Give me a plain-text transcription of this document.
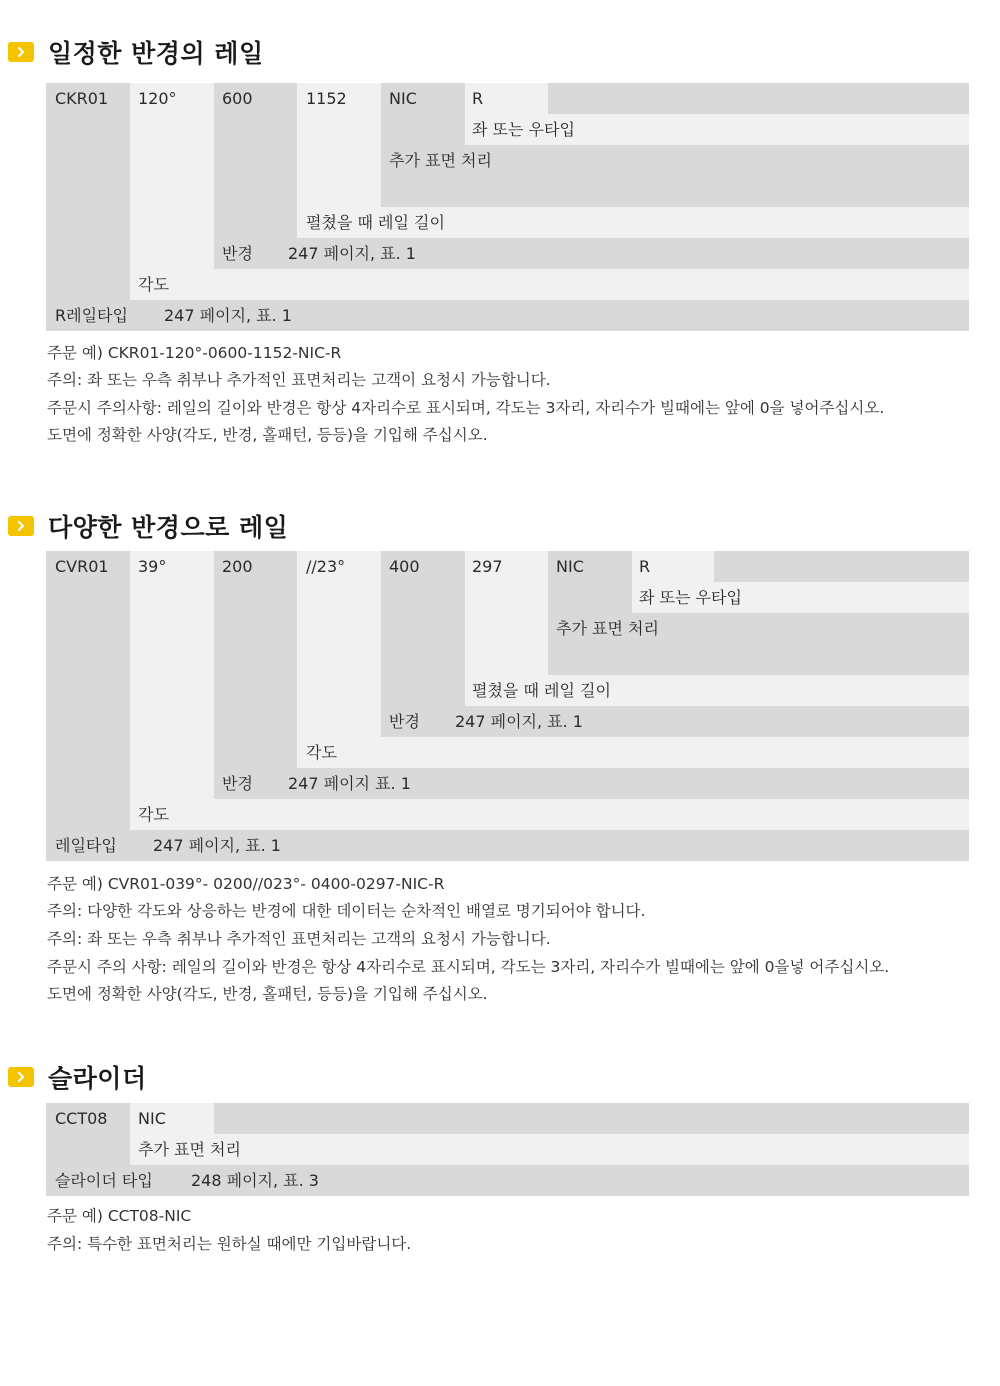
일정한 반경의 레일
CKR01 120°	600	1152	NIC	R
좌 또는 우타입
추가 표면 처리
펼쳤을 때 레일 길이
반경 247 페이지, 표. 1
각도
R레일타입 247 페이지, 표. 1
주문 예) CKR01-120°-0600-1152-NIC-R
주의: 좌 또는 우측 취부나 추가적인 표면처리는 고객이 요청시 가능합니다.
주문시 주의사항: 레일의 길이와 반경은 항상 4자리수로 표시되며, 각도는 3자리, 자리수가 빌때에는 앞에 0을 넣어주십시오.
도면에 정확한 사양(각도, 반경, 홀패턴, 등등)을 기입해 주십시오.
다양한 반경으로 레일
CVR01 39°	200	//23°	400	297	NIC	R
좌 또는 우타입
추가 표면 처리
펼쳤을 때 레일 길이
반경 247 페이지, 표. 1
각도
반경 247 페이지 표. 1
각도
레일타입 247 페이지, 표. 1
주문 예) CVR01-039°- 0200//023°- 0400-0297-NIC-R
주의: 다양한 각도와 상응하는 반경에 대한 데이터는 순차적인 배열로 명기되어야 합니다.
주의: 좌 또는 우측 취부나 추가적인 표면처리는 고객의 요청시 가능합니다.
주문시 주의 사항: 레일의 길이와 반경은 항상 4자리수로 표시되며, 각도는 3자리, 자리수가 빌때에는 앞에 0을넣 어주십시오.
도면에 정확한 사양(각도, 반경, 홀패턴, 등등)을 기입해 주십시오.
슬라이더
CCT08 NIC
추가 표면 처리
슬라이더 타입 248 페이지, 표. 3
주문 예) CCT08-NIC
주의: 특수한 표면처리는 원하실 때에만 기입바랍니다.
